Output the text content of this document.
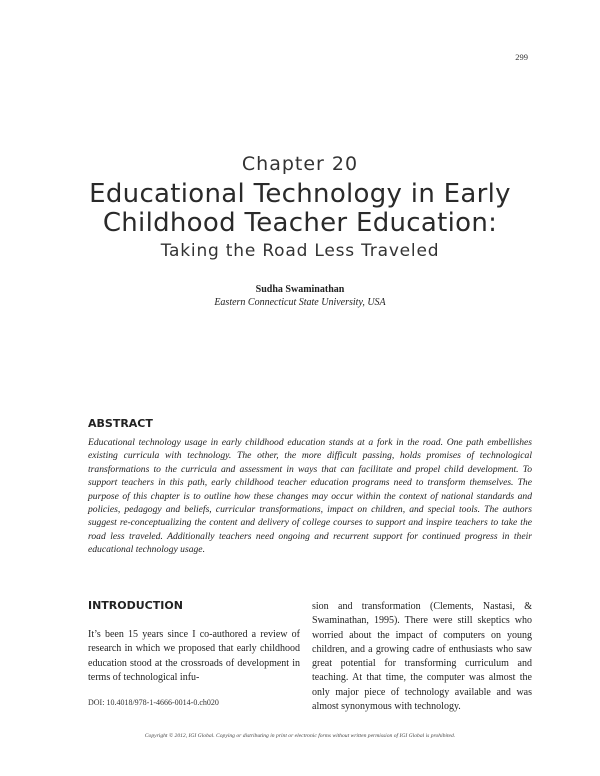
299
Chapter 20
Educational Technology in Early
Childhood Teacher Education:
Taking the Road Less Traveled
Sudha Swaminathan
Eastern Connecticut State University, USA
ABSTRACT
Educational technology usage in early childhood education stands at a fork in the road. One path embellishes existing curricula with technology. The other, the more difficult passing, holds promises of technological transformations to the curricula and assessment in ways that can facilitate and propel child development. To support teachers in this path, early childhood teacher education programs need to transform themselves. The purpose of this chapter is to outline how these changes may occur within the context of national standards and policies, pedagogy and beliefs, curricular transformations, impact on children, and special tools. The authors suggest re-conceptualizing the content and delivery of college courses to support and inspire teachers to take the road less traveled. Additionally teachers need ongoing and recurrent support for continued progress in their educational technology usage.
INTRODUCTION

It’s been 15 years since I co-authored a review of research in which we proposed that early childhood education stood at the crossroads of development in terms of technological infu-

sion and transformation (Clements, Nastasi, & Swaminathan, 1995). There were still skeptics who worried about the impact of computers on young children, and a growing cadre of enthusiasts who saw great potential for transforming curriculum and teaching. At that time, the computer was almost the only major piece of technology available and was almost synonymous with technology.

DOI: 10.4018/978-1-4666-0014-0.ch020
Copyright © 2012, IGI Global. Copying or distributing in print or electronic forms without written permission of IGI Global is prohibited.
